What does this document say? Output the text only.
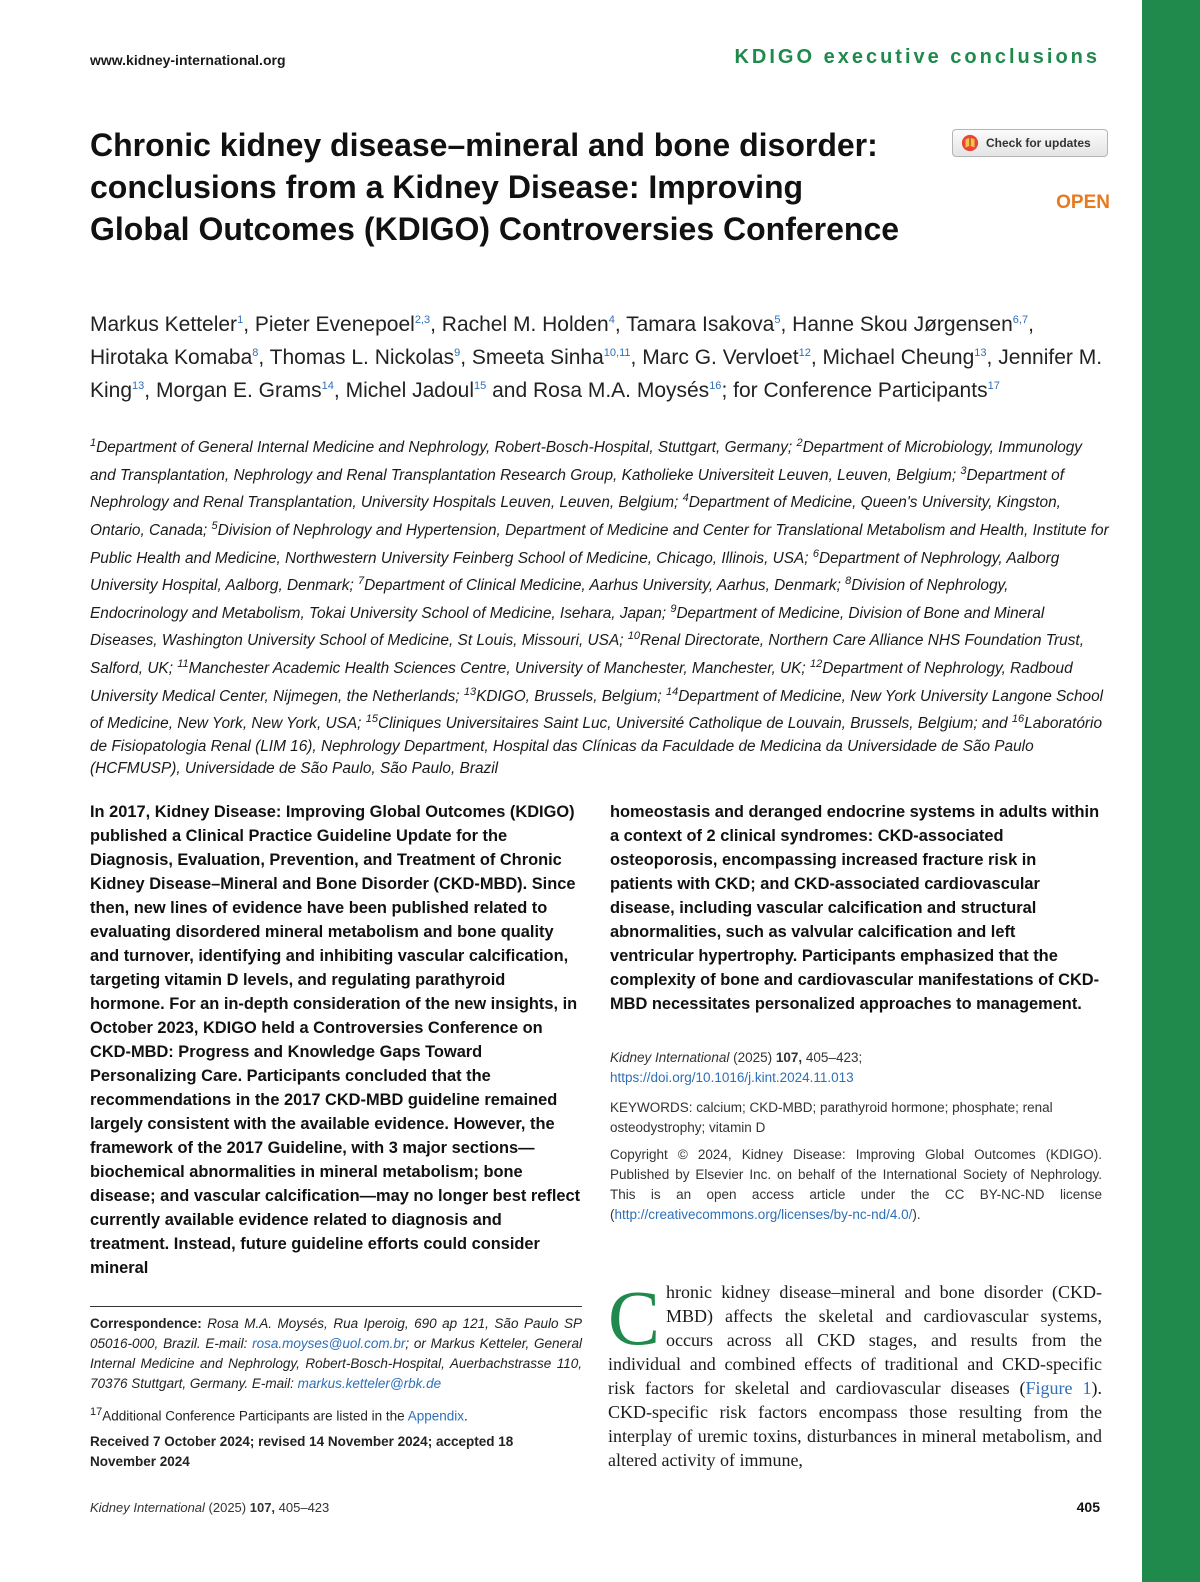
www.kidney-international.org	KDIGO executive conclusions
Chronic kidney disease–mineral and bone disorder: conclusions from a Kidney Disease: Improving Global Outcomes (KDIGO) Controversies Conference
Check for updates
OPEN
Markus Ketteler$^1$, Pieter Evenepoel$^{2,3}$, Rachel M. Holden$^4$, Tamara Isakova$^5$, Hanne Skou Jørgensen$^{6,7}$, Hirotaka Komaba$^8$, Thomas L. Nickolas$^9$, Smeeta Sinha$^{10,11}$, Marc G. Vervloet$^{12}$, Michael Cheung$^{13}$, Jennifer M. King$^{13}$, Morgan E. Grams$^{14}$, Michel Jadoul$^{15}$ and Rosa M.A. Moysés$^{16}$; for Conference Participants$^{17}$
$^1$Department of General Internal Medicine and Nephrology, Robert-Bosch-Hospital, Stuttgart, Germany; $^2$Department of Microbiology, Immunology and Transplantation, Nephrology and Renal Transplantation Research Group, Katholieke Universiteit Leuven, Leuven, Belgium; $^3$Department of Nephrology and Renal Transplantation, University Hospitals Leuven, Leuven, Belgium; $^4$Department of Medicine, Queen's University, Kingston, Ontario, Canada; $^5$Division of Nephrology and Hypertension, Department of Medicine and Center for Translational Metabolism and Health, Institute for Public Health and Medicine, Northwestern University Feinberg School of Medicine, Chicago, Illinois, USA; $^6$Department of Nephrology, Aalborg University Hospital, Aalborg, Denmark; $^7$Department of Clinical Medicine, Aarhus University, Aarhus, Denmark; $^8$Division of Nephrology, Endocrinology and Metabolism, Tokai University School of Medicine, Isehara, Japan; $^9$Department of Medicine, Division of Bone and Mineral Diseases, Washington University School of Medicine, St Louis, Missouri, USA; $^{10}$Renal Directorate, Northern Care Alliance NHS Foundation Trust, Salford, UK; $^{11}$Manchester Academic Health Sciences Centre, University of Manchester, Manchester, UK; $^{12}$Department of Nephrology, Radboud University Medical Center, Nijmegen, the Netherlands; $^{13}$KDIGO, Brussels, Belgium; $^{14}$Department of Medicine, New York University Langone School of Medicine, New York, New York, USA; $^{15}$Cliniques Universitaires Saint Luc, Université Catholique de Louvain, Brussels, Belgium; and $^{16}$Laboratório de Fisiopatologia Renal (LIM 16), Nephrology Department, Hospital das Clínicas da Faculdade de Medicina da Universidade de São Paulo (HCFMUSP), Universidade de São Paulo, São Paulo, Brazil
In 2017, Kidney Disease: Improving Global Outcomes (KDIGO) published a Clinical Practice Guideline Update for the Diagnosis, Evaluation, Prevention, and Treatment of Chronic Kidney Disease–Mineral and Bone Disorder (CKD-MBD). Since then, new lines of evidence have been published related to evaluating disordered mineral metabolism and bone quality and turnover, identifying and inhibiting vascular calcification, targeting vitamin D levels, and regulating parathyroid hormone. For an in-depth consideration of the new insights, in October 2023, KDIGO held a Controversies Conference on CKD-MBD: Progress and Knowledge Gaps Toward Personalizing Care. Participants concluded that the recommendations in the 2017 CKD-MBD guideline remained largely consistent with the available evidence. However, the framework of the 2017 Guideline, with 3 major sections—biochemical abnormalities in mineral metabolism; bone disease; and vascular calcification—may no longer best reflect currently available evidence related to diagnosis and treatment. Instead, future guideline efforts could consider mineral
homeostasis and deranged endocrine systems in adults within a context of 2 clinical syndromes: CKD-associated osteoporosis, encompassing increased fracture risk in patients with CKD; and CKD-associated cardiovascular disease, including vascular calcification and structural abnormalities, such as valvular calcification and left ventricular hypertrophy. Participants emphasized that the complexity of bone and cardiovascular manifestations of CKD-MBD necessitates personalized approaches to management.
Kidney International (2025) 107, 405–423; https://doi.org/10.1016/j.kint.2024.11.013
KEYWORDS: calcium; CKD-MBD; parathyroid hormone; phosphate; renal osteodystrophy; vitamin D
Copyright © 2024, Kidney Disease: Improving Global Outcomes (KDIGO). Published by Elsevier Inc. on behalf of the International Society of Nephrology. This is an open access article under the CC BY-NC-ND license (http://creativecommons.org/licenses/by-nc-nd/4.0/).
Correspondence: Rosa M.A. Moysés, Rua Iperoig, 690 ap 121, São Paulo SP 05016-000, Brazil. E-mail: rosa.moyses@uol.com.br; or Markus Ketteler, General Internal Medicine and Nephrology, Robert-Bosch-Hospital, Auerbachstrasse 110, 70376 Stuttgart, Germany. E-mail: markus.ketteler@rbk.de
$^{17}$Additional Conference Participants are listed in the Appendix.
Received 7 October 2024; revised 14 November 2024; accepted 18 November 2024
Chronic kidney disease–mineral and bone disorder (CKD-MBD) affects the skeletal and cardiovascular systems, occurs across all CKD stages, and results from the individual and combined effects of traditional and CKD-specific risk factors for skeletal and cardiovascular diseases (Figure 1). CKD-specific risk factors encompass those resulting from the interplay of uremic toxins, disturbances in mineral metabolism, and altered activity of immune,
Kidney International (2025) 107, 405–423	405
